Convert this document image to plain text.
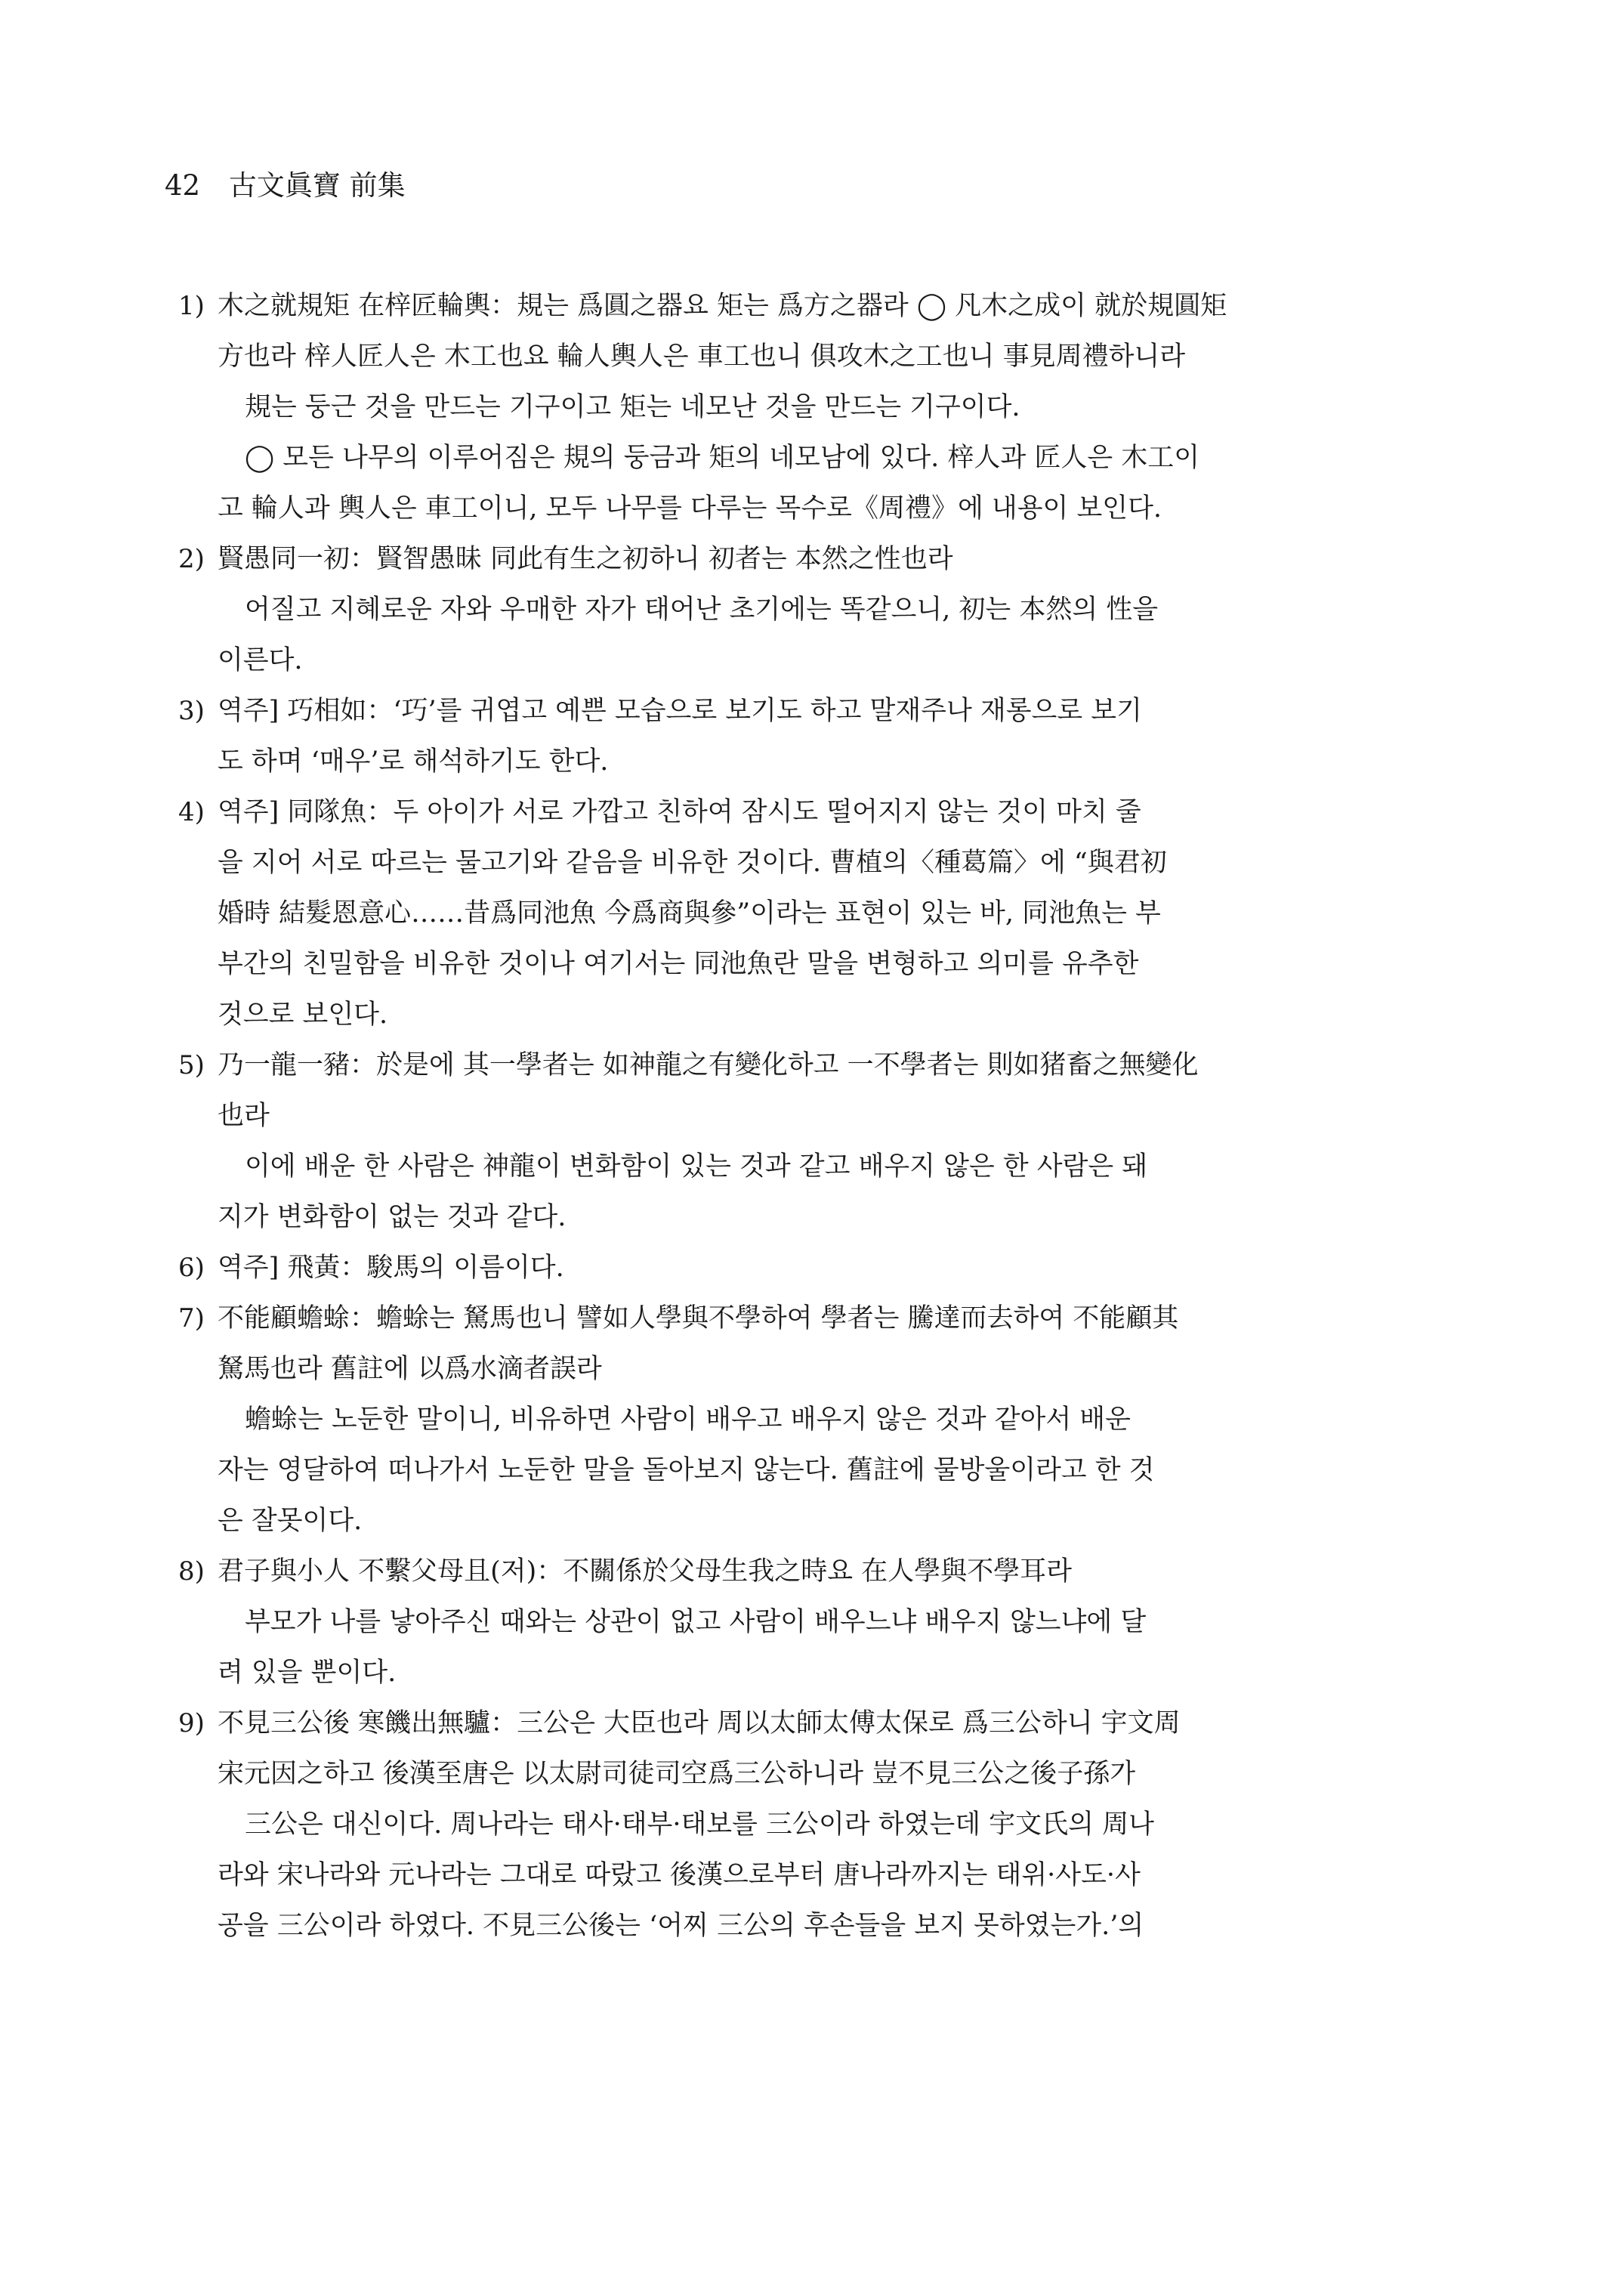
42 古文眞寶 前集
1) 木之就規矩 在梓匠輪輿：規는 爲圓之器요 矩는 爲方之器라 ◯ 凡木之成이 就於規圓矩
方也라 梓人匠人은 木工也요 輪人輿人은 車工也니 俱攻木之工也니 事見周禮하니라
規는 둥근 것을 만드는 기구이고 矩는 네모난 것을 만드는 기구이다.
◯ 모든 나무의 이루어짐은 規의 둥금과 矩의 네모남에 있다. 梓人과 匠人은 木工이
고 輪人과 輿人은 車工이니, 모두 나무를 다루는 목수로《周禮》에 내용이 보인다.
2) 賢愚同一初：賢智愚昧 同此有生之初하니 初者는 本然之性也라
어질고 지혜로운 자와 우매한 자가 태어난 초기에는 똑같으니, 初는 本然의 性을
이른다.
3) 역주] 巧相如：‘巧’를 귀엽고 예쁜 모습으로 보기도 하고 말재주나 재롱으로 보기
도 하며 ‘매우’로 해석하기도 한다.
4) 역주] 同隊魚：두 아이가 서로 가깝고 친하여 잠시도 떨어지지 않는 것이 마치 줄
을 지어 서로 따르는 물고기와 같음을 비유한 것이다. 曹植의〈種葛篇〉에 “與君初
婚時 結髮恩意心……昔爲同池魚 今爲商與參”이라는 표현이 있는 바, 同池魚는 부
부간의 친밀함을 비유한 것이나 여기서는 同池魚란 말을 변형하고 의미를 유추한
것으로 보인다.
5) 乃一龍一豬：於是에 其一學者는 如神龍之有變化하고 一不學者는 則如猪畜之無變化
也라
이에 배운 한 사람은 神龍이 변화함이 있는 것과 같고 배우지 않은 한 사람은 돼
지가 변화함이 없는 것과 같다.
6) 역주] 飛黃：駿馬의 이름이다.
7) 不能顧蟾蜍：蟾蜍는 駑馬也니 譬如人學與不學하여 學者는 騰達而去하여 不能顧其
駑馬也라 舊註에 以爲水滴者誤라
蟾蜍는 노둔한 말이니, 비유하면 사람이 배우고 배우지 않은 것과 같아서 배운
자는 영달하여 떠나가서 노둔한 말을 돌아보지 않는다. 舊註에 물방울이라고 한 것
은 잘못이다.
8) 君子與小人 不繫父母且(저)：不關係於父母生我之時요 在人學與不學耳라
부모가 나를 낳아주신 때와는 상관이 없고 사람이 배우느냐 배우지 않느냐에 달
려 있을 뿐이다.
9) 不見三公後 寒饑出無驢：三公은 大臣也라 周以太師太傅太保로 爲三公하니 宇文周
宋元因之하고 後漢至唐은 以太尉司徒司空爲三公하니라 豈不見三公之後子孫가
三公은 대신이다. 周나라는 태사·태부·태보를 三公이라 하였는데 宇文氏의 周나
라와 宋나라와 元나라는 그대로 따랐고 後漢으로부터 唐나라까지는 태위·사도·사
공을 三公이라 하였다. 不見三公後는 ‘어찌 三公의 후손들을 보지 못하였는가.’의
